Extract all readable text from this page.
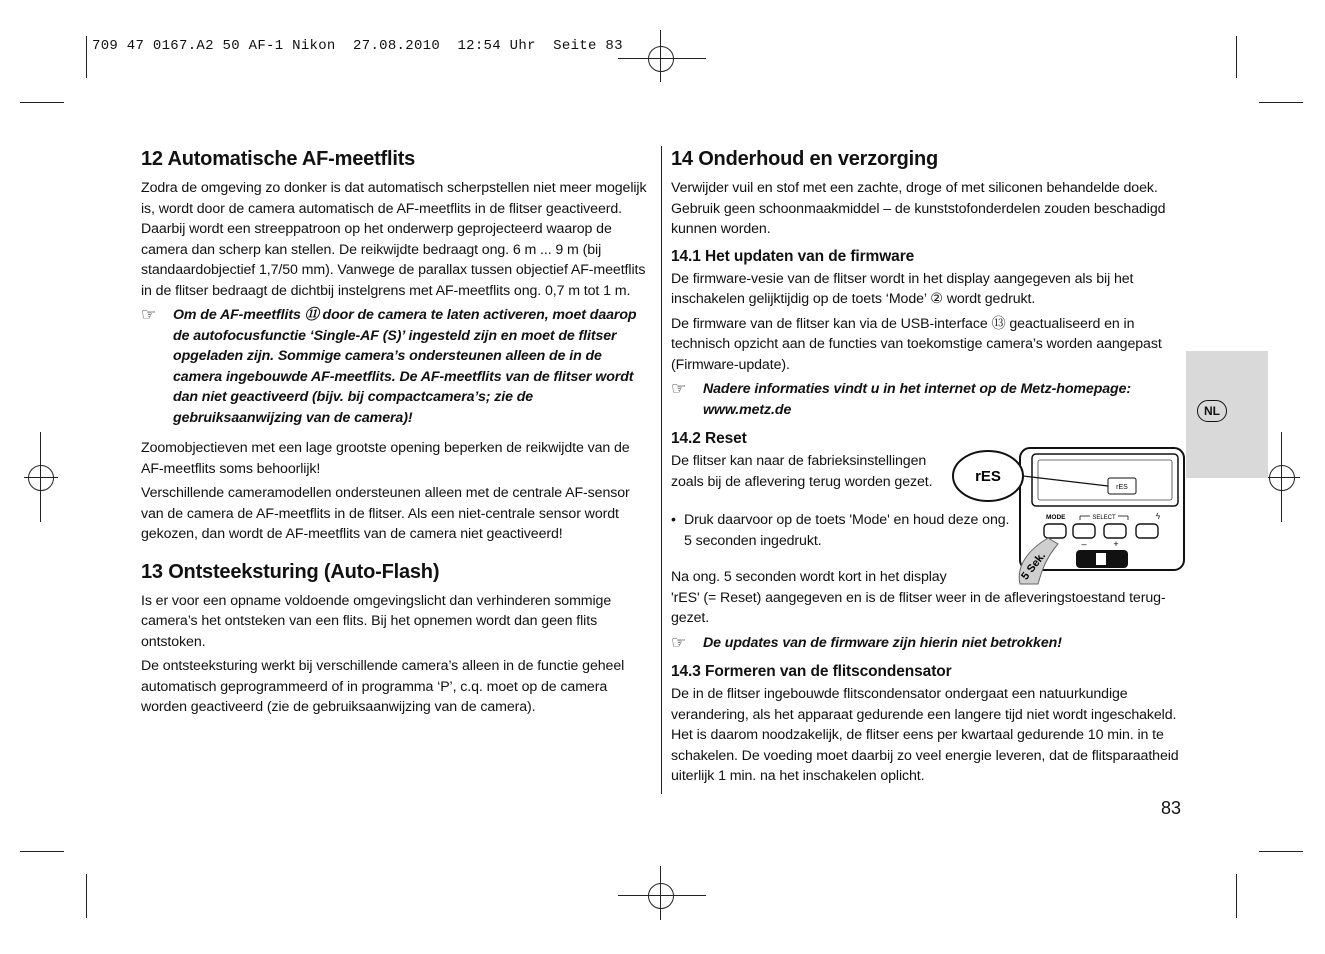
709 47 0167.A2 50 AF-1 Nikon  27.08.2010  12:54 Uhr  Seite 83
12 Automatische AF-meetflits

Zodra de omgeving zo donker is dat automatisch scherpstellen niet meer mogelijk is, wordt door de camera automatisch de AF-meetflits in de flitser geactiveerd. Daarbij wordt een streeppatroon op het onderwerp geprojecteerd waarop de camera dan scherp kan stellen. De reikwijdte bedraagt ong. 6 m ... 9 m (bij standaardobjectief 1,7/50 mm). Vanwege de parallax tussen objectief AF-meetflits in de flitser bedraagt de dichtbij instelgrens met AF-meetflits ong. 0,7 m tot 1 m.

☞ Om de AF-meetflits ⑪ door de camera te laten activeren, moet daarop de autofocusfunctie ‘Single-AF (S)’ ingesteld zijn en moet de flitser opgeladen zijn. Sommige camera’s ondersteunen alleen de in de camera ingebouwde AF-meetflits. De AF-meetflits van de flitser wordt dan niet geactiveerd (bijv. bij compactcamera’s; zie de gebruiksaanwijzing van de camera)!

Zoomobjectieven met een lage grootste opening beperken de reikwijdte van de AF-meetflits soms behoorlijk!

Verschillende cameramodellen ondersteunen alleen met de centrale AF-sensor van de camera de AF-meetflits in de flitser. Als een niet-centrale sensor wordt gekozen, dan wordt de AF-meetflits van de camera niet geactiveerd!

13 Ontsteeksturing (Auto-Flash)

Is er voor een opname voldoende omgevingslicht dan verhinderen sommige camera’s het ontsteken van een flits. Bij het opnemen wordt dan geen flits ontstoken.

De ontsteeksturing werkt bij verschillende camera’s alleen in de functie geheel automatisch geprogrammeerd of in programma ‘P’, c.q. moet op de camera worden geactiveerd (zie de gebruiksaanwijzing van de camera).

14 Onderhoud en verzorging

Verwijder vuil en stof met een zachte, droge of met siliconen behandelde doek. Gebruik geen schoonmaakmiddel – de kunststofonderdelen zouden beschadigd kunnen worden.

14.1 Het updaten van de firmware

De firmware-vesie van de flitser wordt in het display aangegeven als bij het inschakelen gelijktijdig op de toets ‘Mode’ ② wordt gedrukt.

De firmware van de flitser kan via de USB-interface ⑬ geactualiseerd en in technisch opzicht aan de functies van toekomstige camera’s worden aangepast (Firmware-update).

☞ Nadere informaties vindt u in het internet op de Metz-homepage: www.metz.de
14.2 Reset

De flitser kan naar de fabrieksinstellingen zoals bij de aflevering terug worden gezet.

• Druk daarvoor op de toets 'Mode' en houd deze ong. 5 seconden ingedrukt.

Na ong. 5 seconden wordt kort in het display

'rES' (= Reset) aangegeven en is de flitser weer in de afleveringstoestand terug-gezet.

☞ De updates van de firmware zijn hierin niet betrokken!
14.3 Formeren van de flitscondensator

De in de flitser ingebouwde flitscondensator ondergaat een natuurkundige verandering, als het apparaat gedurende een langere tijd niet wordt ingeschakeld. Het is daarom noodzakelijk, de flitser eens per kwartaal gedurende 10 min. in te schakelen. De voeding moet daarbij zo veel energie leveren, dat de flitsparaatheid uiterlijk 1 min. na het inschakelen oplicht.

rES
rES
MODE	SELECT	ϟ
–	+
5 Sek.
NL
83
